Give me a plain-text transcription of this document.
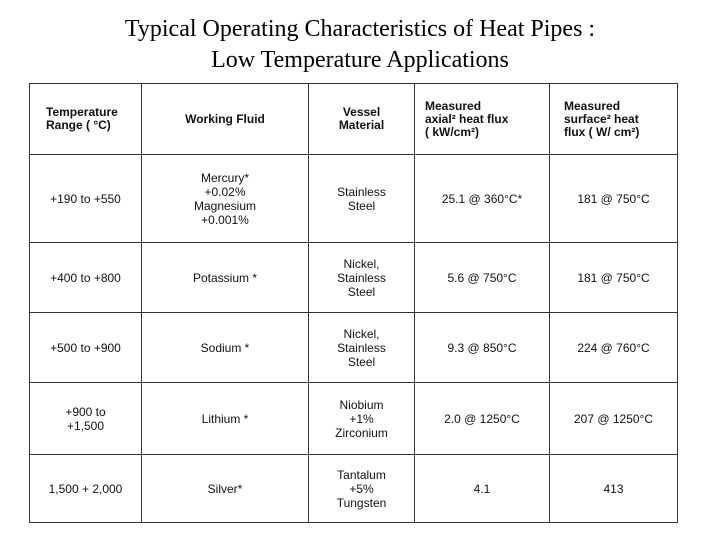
Typical Operating Characteristics of Heat Pipes :
Low Temperature Applications
Temperature
Range ( °C)	Working Fluid	Vessel
Material	Measured
axial² heat flux
( kW/cm²)	Measured
surface² heat
flux ( W/ cm²)

+190 to +550	Mercury*
+0.02%
Magnesium
+0.001%	Stainless
Steel	25.1 @ 360°C*	181 @ 750°C

+400 to +800	Potassium *	Nickel,
Stainless
Steel	5.6 @ 750°C	181 @ 750°C

+500 to +900	Sodium *	Nickel,
Stainless
Steel	9.3 @ 850°C	224 @ 760°C

+900 to
+1,500	Lithium *	Niobium
+1%
Zirconium	2.0 @ 1250°C	207 @ 1250°C

1,500 + 2,000	Silver*	Tantalum
+5%
Tungsten	4.1	413
